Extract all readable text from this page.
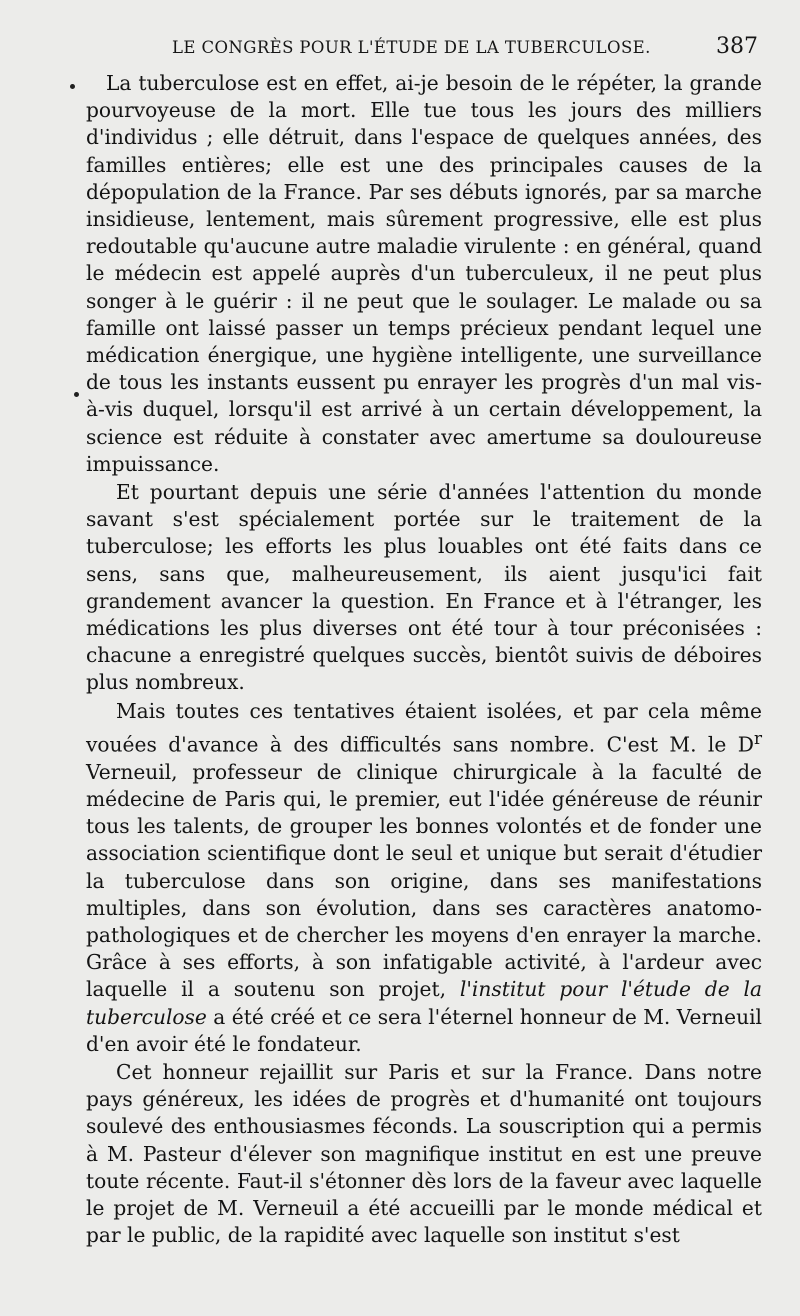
LE CONGRÈS POUR L'ÉTUDE DE LA TUBERCULOSE.	387

La tuberculose est en effet, ai-je besoin de le répéter, la grande pourvoyeuse de la mort. Elle tue tous les jours des milliers d'individus ; elle détruit, dans l'espace de quelques années, des familles entières; elle est une des principales causes de la dépopulation de la France. Par ses débuts ignorés, par sa marche insidieuse, lentement, mais sûrement progressive, elle est plus redoutable qu'aucune autre maladie virulente : en général, quand le médecin est appelé auprès d'un tuberculeux, il ne peut plus songer à le guérir : il ne peut que le soulager. Le malade ou sa famille ont laissé passer un temps précieux pendant lequel une médication énergique, une hygiène intelligente, une surveillance de tous les instants eussent pu enrayer les progrès d'un mal vis-à-vis duquel, lorsqu'il est arrivé à un certain développement, la science est réduite à constater avec amertume sa douloureuse impuissance.

Et pourtant depuis une série d'années l'attention du monde savant s'est spécialement portée sur le traitement de la tuberculose; les efforts les plus louables ont été faits dans ce sens, sans que, malheureusement, ils aient jusqu'ici fait grandement avancer la question. En France et à l'étranger, les médications les plus diverses ont été tour à tour préconisées : chacune a enregistré quelques succès, bientôt suivis de déboires plus nombreux.

Mais toutes ces tentatives étaient isolées, et par cela même vouées d'avance à des difficultés sans nombre. C'est M. le $D^r$ Verneuil, professeur de clinique chirurgicale à la faculté de médecine de Paris qui, le premier, eut l'idée généreuse de réunir tous les talents, de grouper les bonnes volontés et de fonder une association scientifique dont le seul et unique but serait d'étudier la tuberculose dans son origine, dans ses manifestations multiples, dans son évolution, dans ses caractères anatomo-pathologiques et de chercher les moyens d'en enrayer la marche. Grâce à ses efforts, à son infatigable activité, à l'ardeur avec laquelle il a soutenu son projet, l'institut pour l'étude de la tuberculose a été créé et ce sera l'éternel honneur de M. Verneuil d'en avoir été le fondateur.

Cet honneur rejaillit sur Paris et sur la France. Dans notre pays généreux, les idées de progrès et d'humanité ont toujours soulevé des enthousiasmes féconds. La souscription qui a permis à M. Pasteur d'élever son magnifique institut en est une preuve toute récente. Faut-il s'étonner dès lors de la faveur avec laquelle le projet de M. Verneuil a été accueilli par le monde médical et par le public, de la rapidité avec laquelle son institut s'est
